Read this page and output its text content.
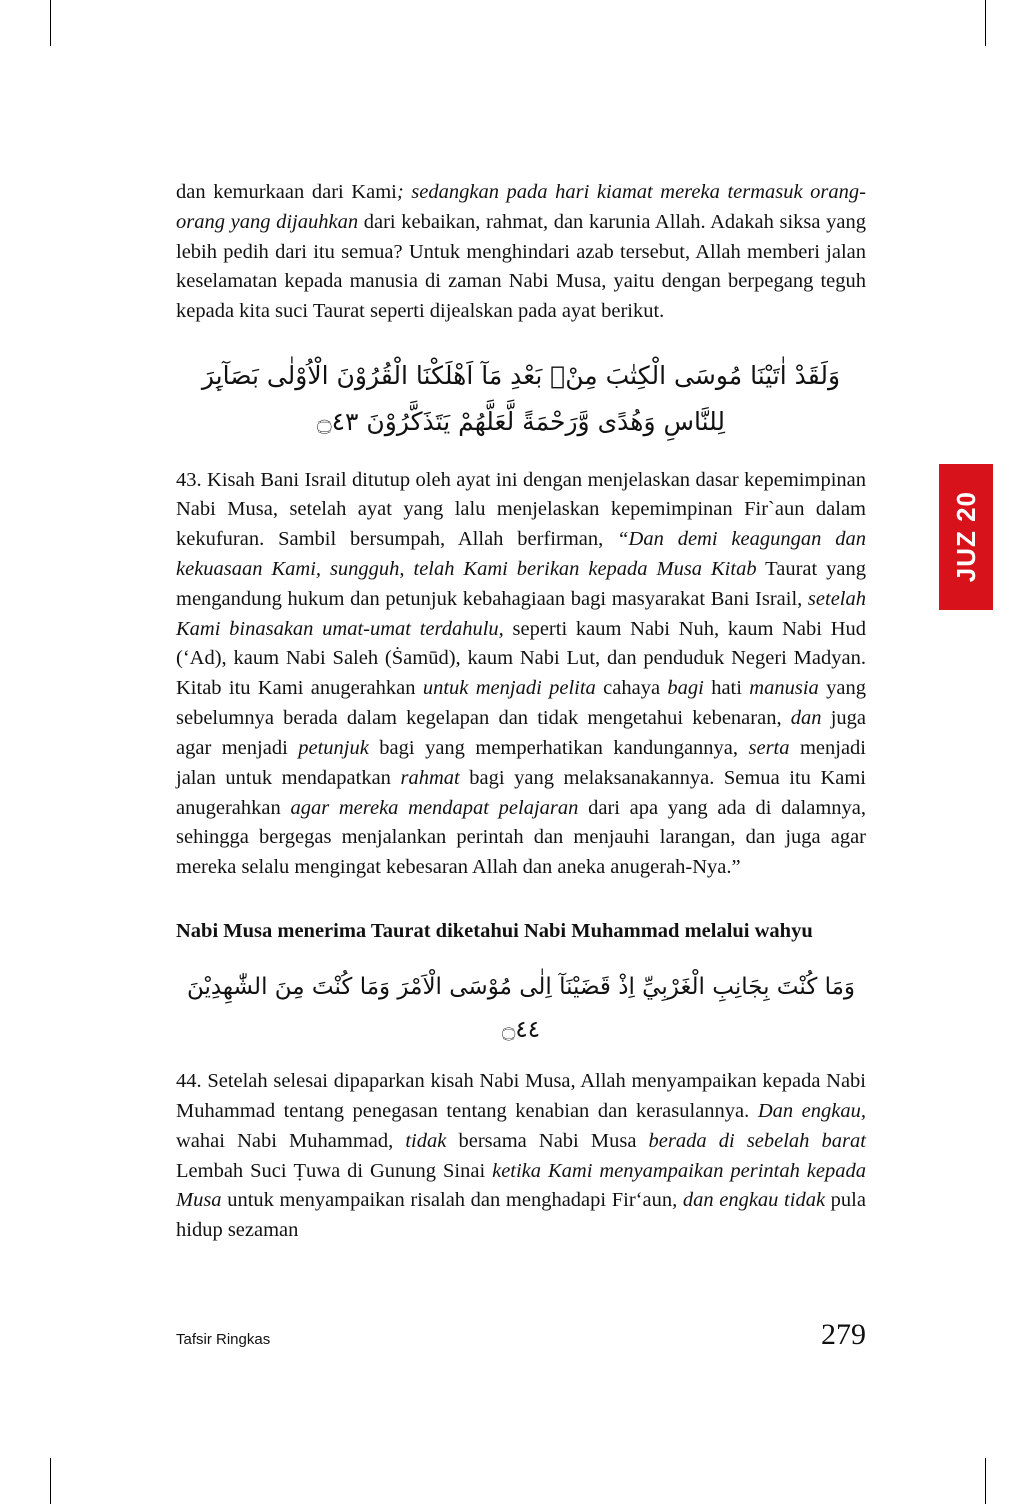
JUZ 20

dan kemurkaan dari Kami; sedangkan pada hari kiamat mereka termasuk orang-orang yang dijauhkan dari kebaikan, rahmat, dan karunia Allah. Adakah siksa yang lebih pedih dari itu semua? Untuk menghindari azab tersebut, Allah memberi jalan keselamatan kepada manusia di zaman Nabi Musa, yaitu dengan berpegang teguh kepada kita suci Taurat seperti dijealskan pada ayat berikut.

وَلَقَدْ اٰتَيْنَا مُوسَى الْكِتٰبَ مِنْۢ بَعْدِ مَآ اَهْلَكْنَا الْقُرُوْنَ الْاُوْلٰى بَصَآىِٕرَ لِلنَّاسِ وَهُدًى وَّرَحْمَةً لَّعَلَّهُمْ يَتَذَكَّرُوْنَ ۝٤٣

43. Kisah Bani Israil ditutup oleh ayat ini dengan menjelaskan dasar kepemimpinan Nabi Musa, setelah ayat yang lalu menjelaskan kepemimpinan Fir`aun dalam kekufuran. Sambil bersumpah, Allah berfirman, “Dan demi keagungan dan kekuasaan Kami, sungguh, telah Kami berikan kepada Musa Kitab Taurat yang mengandung hukum dan petunjuk kebahagiaan bagi masyarakat Bani Israil, setelah Kami binasakan umat-umat terdahulu, seperti kaum Nabi Nuh, kaum Nabi Hud (‘Ad), kaum Nabi Saleh (Ṡamūd), kaum Nabi Lut, dan penduduk Negeri Madyan. Kitab itu Kami anugerahkan untuk menjadi pelita cahaya bagi hati manusia yang sebelumnya berada dalam kegelapan dan tidak mengetahui kebenaran, dan juga agar menjadi petunjuk bagi yang memperhatikan kandungannya, serta menjadi jalan untuk mendapatkan rahmat bagi yang melaksanakannya. Semua itu Kami anugerahkan agar mereka mendapat pelajaran dari apa yang ada di dalamnya, sehingga bergegas menjalankan perintah dan menjauhi larangan, dan juga agar mereka selalu mengingat kebesaran Allah dan aneka anugerah-Nya.”

Nabi Musa menerima Taurat diketahui Nabi Muhammad melalui wahyu

وَمَا كُنْتَ بِجَانِبِ الْغَرْبِيِّ اِذْ قَضَيْنَآ اِلٰى مُوْسَى الْاَمْرَ وَمَا كُنْتَ مِنَ الشّٰهِدِيْنَ ۝٤٤

44. Setelah selesai dipaparkan kisah Nabi Musa, Allah menyampaikan kepada Nabi Muhammad tentang penegasan tentang kenabian dan kerasulannya. Dan engkau, wahai Nabi Muhammad, tidak bersama Nabi Musa berada di sebelah barat Lembah Suci Ṭuwa di Gunung Sinai ketika Kami menyampaikan perintah kepada Musa untuk menyampaikan risalah dan menghadapi Fir‘aun, dan engkau tidak pula hidup sezaman

Tafsir Ringkas	279
